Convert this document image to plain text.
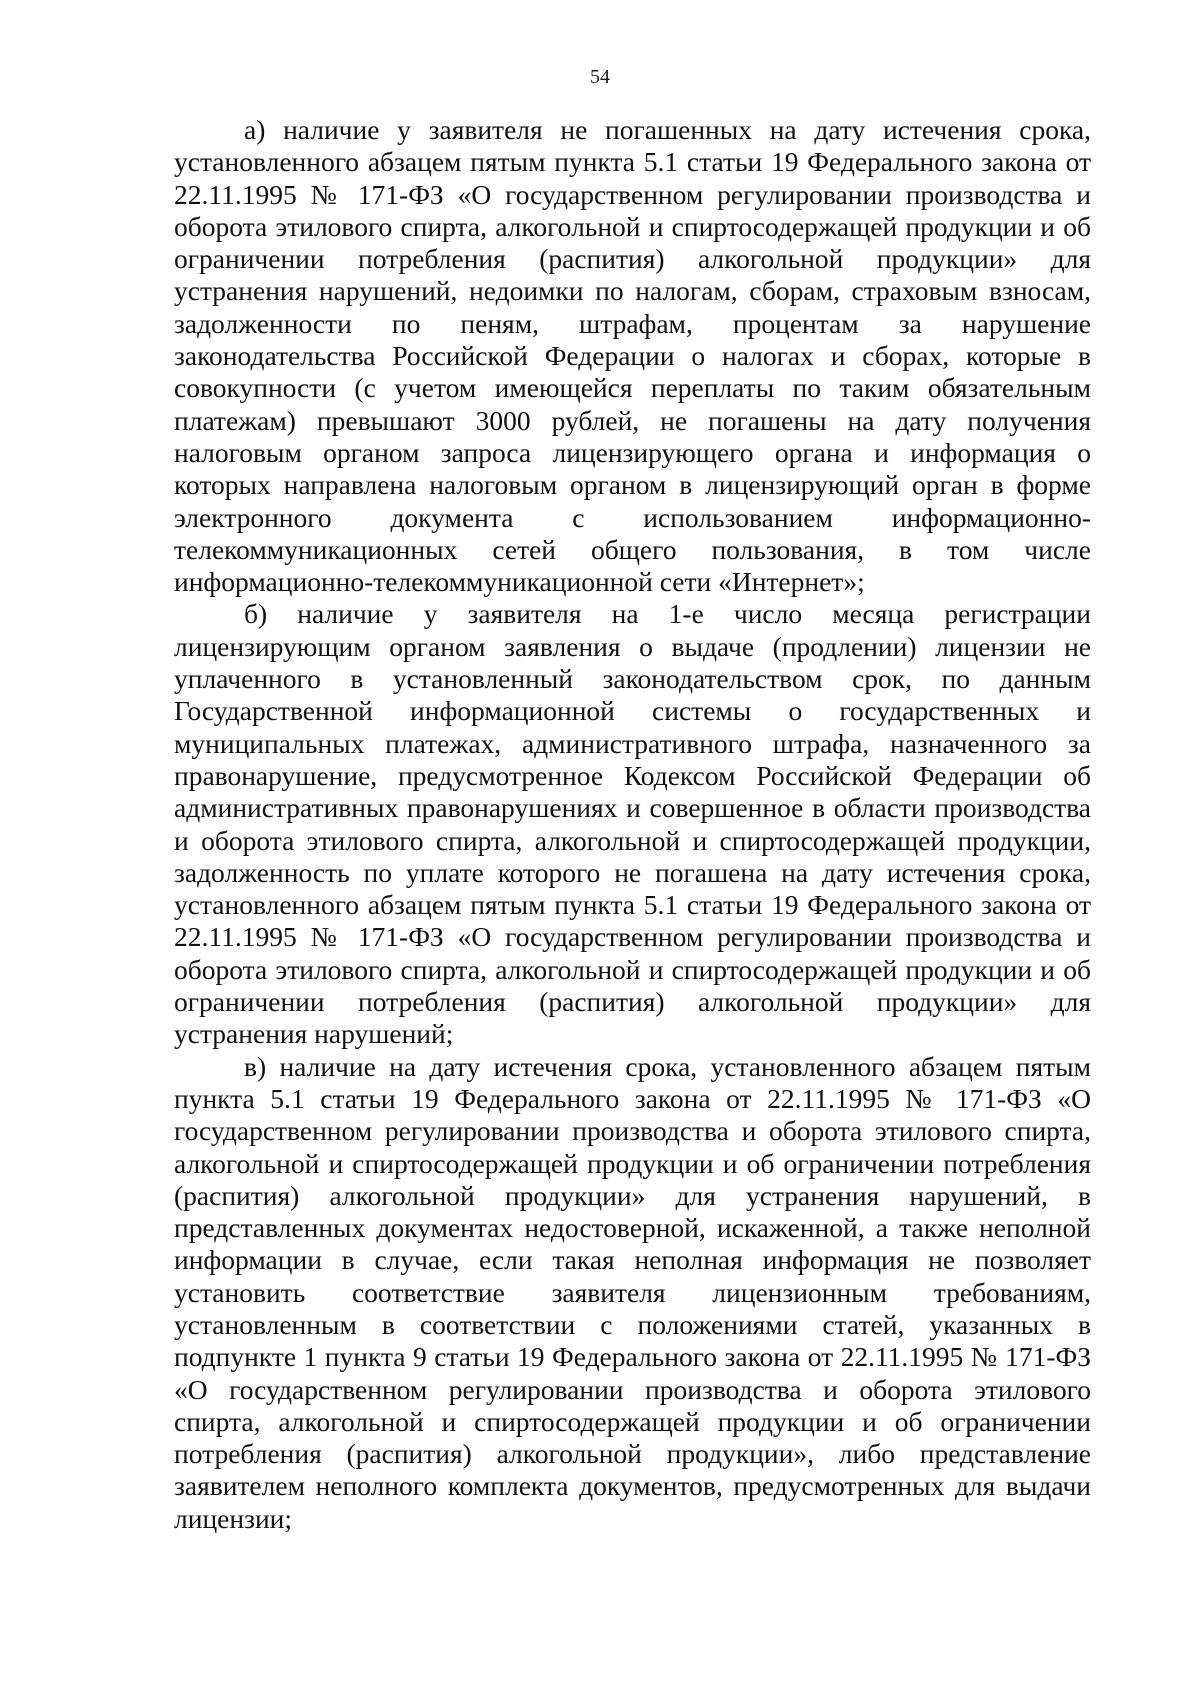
54

а) наличие у заявителя не погашенных на дату истечения срока, установленного абзацем пятым пункта 5.1 статьи 19 Федерального закона от 22.11.1995 № 171-ФЗ «О государственном регулировании производства и оборота этилового спирта, алкогольной и спиртосодержащей продукции и об ограничении потребления (распития) алкогольной продукции» для устранения нарушений, недоимки по налогам, сборам, страховым взносам, задолженности по пеням, штрафам, процентам за нарушение законодательства Российской Федерации о налогах и сборах, которые в совокупности (с учетом имеющейся переплаты по таким обязательным платежам) превышают 3000 рублей, не погашены на дату получения налоговым органом запроса лицензирующего органа и информация о которых направлена налоговым органом в лицензирующий орган в форме электронного документа с использованием информационно-телекоммуникационных сетей общего пользования, в том числе информационно-телекоммуникационной сети «Интернет»;

б) наличие у заявителя на 1-е число месяца регистрации лицензирующим органом заявления о выдаче (продлении) лицензии не уплаченного в установленный законодательством срок, по данным Государственной информационной системы о государственных и муниципальных платежах, административного штрафа, назначенного за правонарушение, предусмотренное Кодексом Российской Федерации об административных правонарушениях и совершенное в области производства и оборота этилового спирта, алкогольной и спиртосодержащей продукции, задолженность по уплате которого не погашена на дату истечения срока, установленного абзацем пятым пункта 5.1 статьи 19 Федерального закона от 22.11.1995 № 171-ФЗ «О государственном регулировании производства и оборота этилового спирта, алкогольной и спиртосодержащей продукции и об ограничении потребления (распития) алкогольной продукции» для устранения нарушений;

в) наличие на дату истечения срока, установленного абзацем пятым пункта 5.1 статьи 19 Федерального закона от 22.11.1995 № 171-ФЗ «О государственном регулировании производства и оборота этилового спирта, алкогольной и спиртосодержащей продукции и об ограничении потребления (распития) алкогольной продукции» для устранения нарушений, в представленных документах недостоверной, искаженной, а также неполной информации в случае, если такая неполная информация не позволяет установить соответствие заявителя лицензионным требованиям, установленным в соответствии с положениями статей, указанных в подпункте 1 пункта 9 статьи 19 Федерального закона от 22.11.1995 № 171-ФЗ «О государственном регулировании производства и оборота этилового спирта, алкогольной и спиртосодержащей продукции и об ограничении потребления (распития) алкогольной продукции», либо представление заявителем неполного комплекта документов, предусмотренных для выдачи лицензии;
